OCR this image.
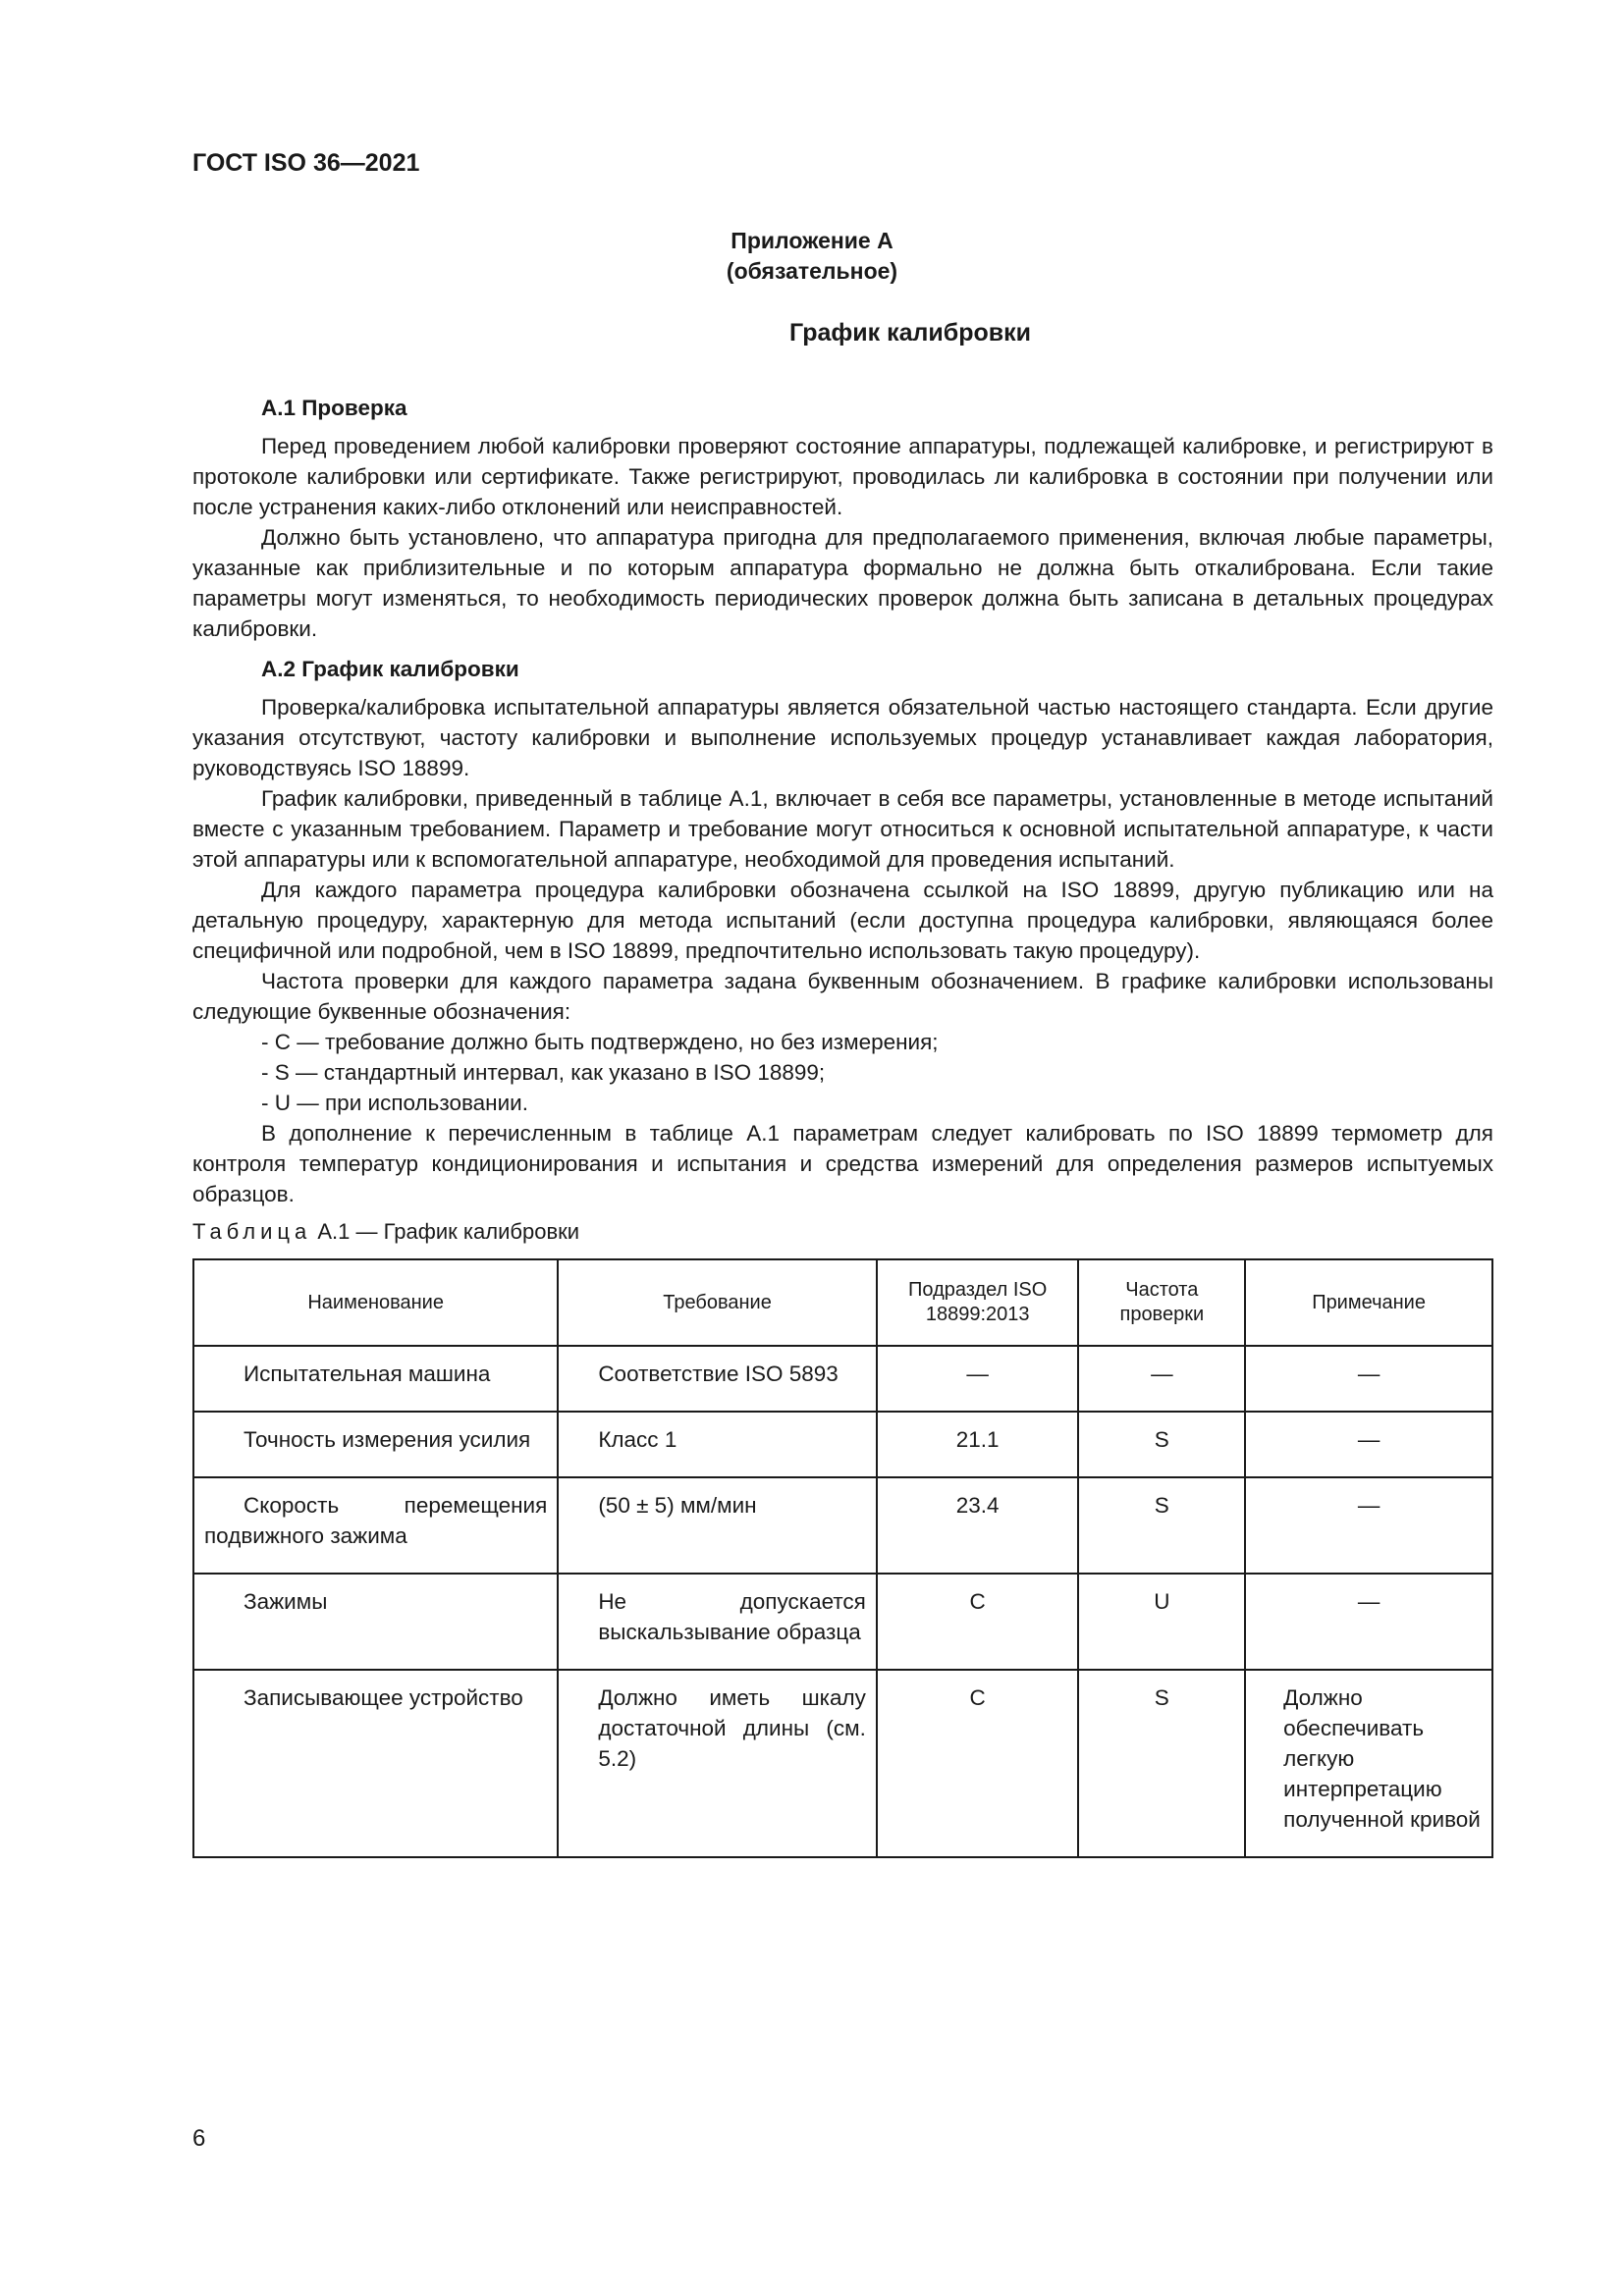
ГОСТ ISO 36—2021
Приложение А
(обязательное)
График калибровки

А.1 Проверка

Перед проведением любой калибровки проверяют состояние аппаратуры, подлежащей калибровке, и регистрируют в протоколе калибровки или сертификате. Также регистрируют, проводилась ли калибровка в состоянии при получении или после устранения каких-либо отклонений или неисправностей.

Должно быть установлено, что аппаратура пригодна для предполагаемого применения, включая любые параметры, указанные как приблизительные и по которым аппаратура формально не должна быть откалибрована. Если такие параметры могут изменяться, то необходимость периодических проверок должна быть записана в детальных процедурах калибровки.

А.2 График калибровки

Проверка/калибровка испытательной аппаратуры является обязательной частью настоящего стандарта. Если другие указания отсутствуют, частоту калибровки и выполнение используемых процедур устанавливает каждая лаборатория, руководствуясь ISO 18899.

График калибровки, приведенный в таблице А.1, включает в себя все параметры, установленные в методе испытаний вместе с указанным требованием. Параметр и требование могут относиться к основной испытательной аппаратуре, к части этой аппаратуры или к вспомогательной аппаратуре, необходимой для проведения испытаний.

Для каждого параметра процедура калибровки обозначена ссылкой на ISO 18899, другую публикацию или на детальную процедуру, характерную для метода испытаний (если доступна процедура калибровки, являющаяся более специфичной или подробной, чем в ISO 18899, предпочтительно использовать такую процедуру).

Частота проверки для каждого параметра задана буквенным обозначением. В графике калибровки использованы следующие буквенные обозначения:

- С — требование должно быть подтверждено, но без измерения;

- S — стандартный интервал, как указано в ISO 18899;

- U — при использовании.

В дополнение к перечисленным в таблице А.1 параметрам следует калибровать по ISO 18899 термометр для контроля температур кондиционирования и испытания и средства измерений для определения размеров испытуемых образцов.

Таблица А.1 — График калибровки
Наименование	Требование	Подраздел ISO 18899:2013	Частота проверки	Примечание
Испытательная машина	Соответствие ISO 5893	—	—	—
Точность измерения усилия	Класс 1	21.1	S	—
Скорость перемещения подвижного зажима	(50 ± 5) мм/мин	23.4	S	—
Зажимы	Не допускается выскальзывание образца	С	U	—
Записывающее устройство	Должно иметь шкалу достаточной длины (см. 5.2)	С	S	Должно обеспечивать легкую интерпретацию полученной кривой
6
